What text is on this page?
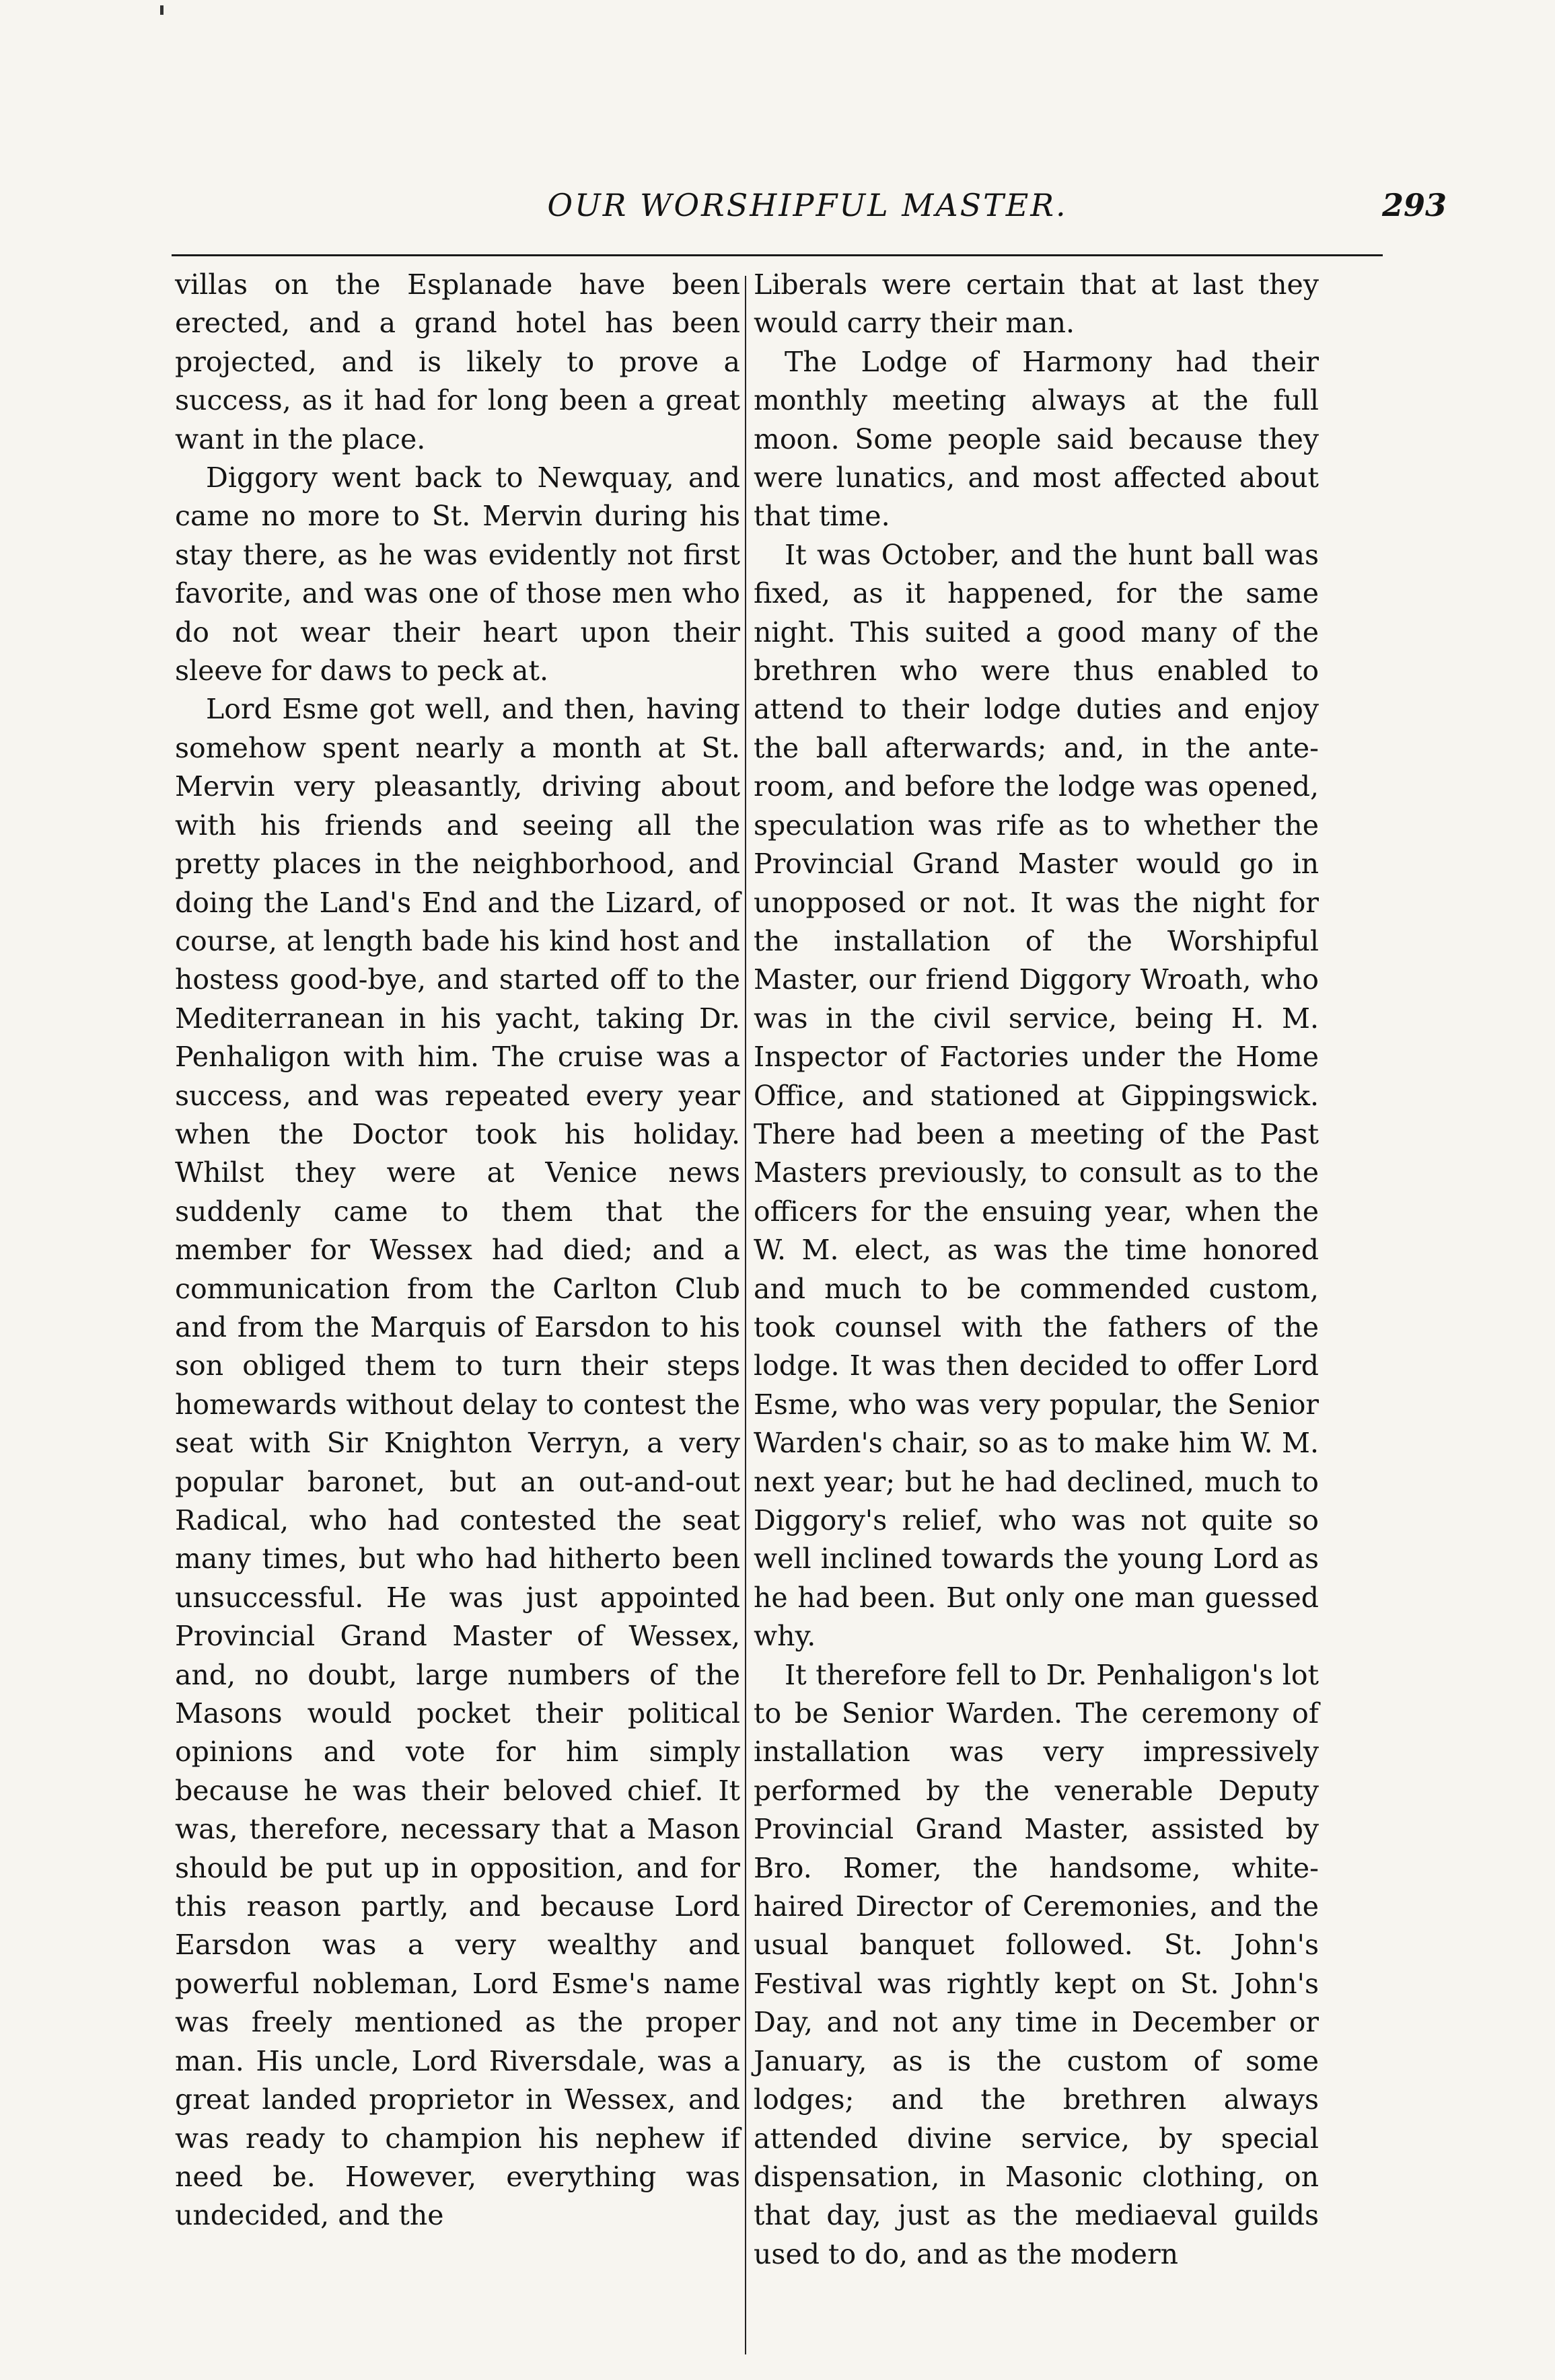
OUR WORSHIPFUL MASTER.	293

villas on the Esplanade have been erected, and a grand hotel has been projected, and is likely to prove a success, as it had for long been a great want in the place.

Diggory went back to Newquay, and came no more to St. Mervin during his stay there, as he was evidently not first favorite, and was one of those men who do not wear their heart upon their sleeve for daws to peck at.

Lord Esme got well, and then, having somehow spent nearly a month at St. Mervin very pleasantly, driving about with his friends and seeing all the pretty places in the neighborhood, and doing the Land's End and the Lizard, of course, at length bade his kind host and hostess good-bye, and started off to the Mediterranean in his yacht, taking Dr. Penhaligon with him. The cruise was a success, and was repeated every year when the Doctor took his holiday. Whilst they were at Venice news suddenly came to them that the member for Wessex had died; and a communication from the Carlton Club and from the Marquis of Earsdon to his son obliged them to turn their steps homewards without delay to contest the seat with Sir Knighton Verryn, a very popular baronet, but an out-and-out Radical, who had contested the seat many times, but who had hitherto been unsuccessful. He was just appointed Provincial Grand Master of Wessex, and, no doubt, large numbers of the Masons would pocket their political opinions and vote for him simply because he was their beloved chief. It was, therefore, necessary that a Mason should be put up in opposition, and for this reason partly, and because Lord Earsdon was a very wealthy and powerful nobleman, Lord Esme's name was freely mentioned as the proper man. His uncle, Lord Riversdale, was a great landed proprietor in Wessex, and was ready to champion his nephew if need be. However, everything was undecided, and the

Liberals were certain that at last they would carry their man.

The Lodge of Harmony had their monthly meeting always at the full moon. Some people said because they were lunatics, and most affected about that time.

It was October, and the hunt ball was fixed, as it happened, for the same night. This suited a good many of the brethren who were thus enabled to attend to their lodge duties and enjoy the ball afterwards; and, in the ante-room, and before the lodge was opened, speculation was rife as to whether the Provincial Grand Master would go in unopposed or not. It was the night for the installation of the Worshipful Master, our friend Diggory Wroath, who was in the civil service, being H. M. Inspector of Factories under the Home Office, and stationed at Gippingswick. There had been a meeting of the Past Masters previously, to consult as to the officers for the ensuing year, when the W. M. elect, as was the time honored and much to be commended custom, took counsel with the fathers of the lodge. It was then decided to offer Lord Esme, who was very popular, the Senior Warden's chair, so as to make him W. M. next year; but he had declined, much to Diggory's relief, who was not quite so well inclined towards the young Lord as he had been. But only one man guessed why.

It therefore fell to Dr. Penhaligon's lot to be Senior Warden. The ceremony of installation was very impressively performed by the venerable Deputy Provincial Grand Master, assisted by Bro. Romer, the handsome, white-haired Director of Ceremonies, and the usual banquet followed. St. John's Festival was rightly kept on St. John's Day, and not any time in December or January, as is the custom of some lodges; and the brethren always attended divine service, by special dispensation, in Masonic clothing, on that day, just as the mediaeval guilds used to do, and as the modern
